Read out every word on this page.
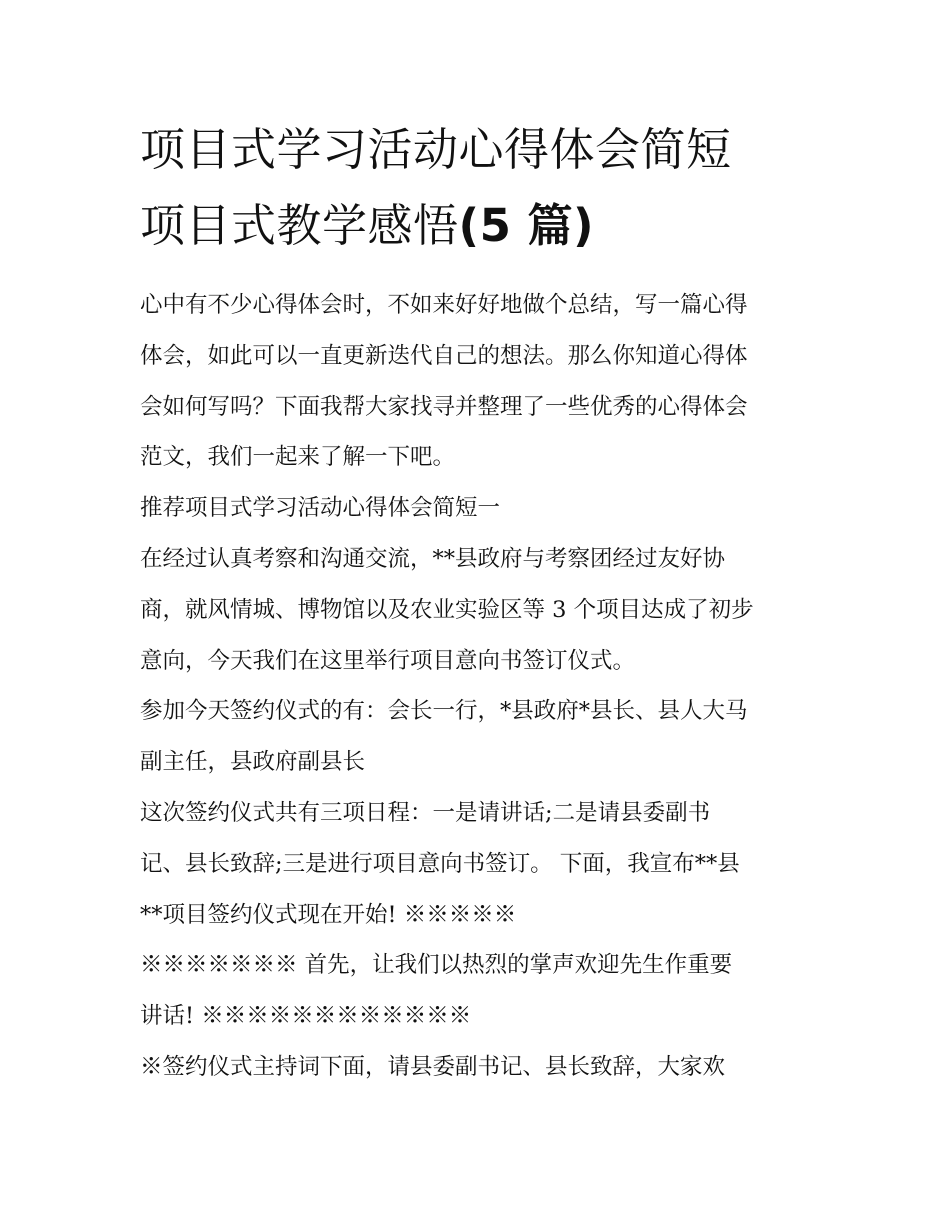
项目式学习活动心得体会简短
项目式教学感悟(5 篇)

心中有不少心得体会时，不如来好好地做个总结，写一篇心得
体会，如此可以一直更新迭代自己的想法。那么你知道心得体
会如何写吗？下面我帮大家找寻并整理了一些优秀的心得体会
范文，我们一起来了解一下吧。

推荐项目式学习活动心得体会简短一

在经过认真考察和沟通交流，**县政府与考察团经过友好协
商，就风情城、博物馆以及农业实验区等 3 个项目达成了初步
意向，今天我们在这里举行项目意向书签订仪式。

参加今天签约仪式的有：会长一行，*县政府*县长、县人大马
副主任，县政府副县长

这次签约仪式共有三项日程：一是请讲话;二是请县委副书
记、县长致辞;三是进行项目意向书签订。 下面，我宣布**县
**项目签约仪式现在开始! ※※※※※
※※※※※※※ 首先，让我们以热烈的掌声欢迎先生作重要
讲话! ※※※※※※※※※※※※
※签约仪式主持词下面，请县委副书记、县长致辞，大家欢
